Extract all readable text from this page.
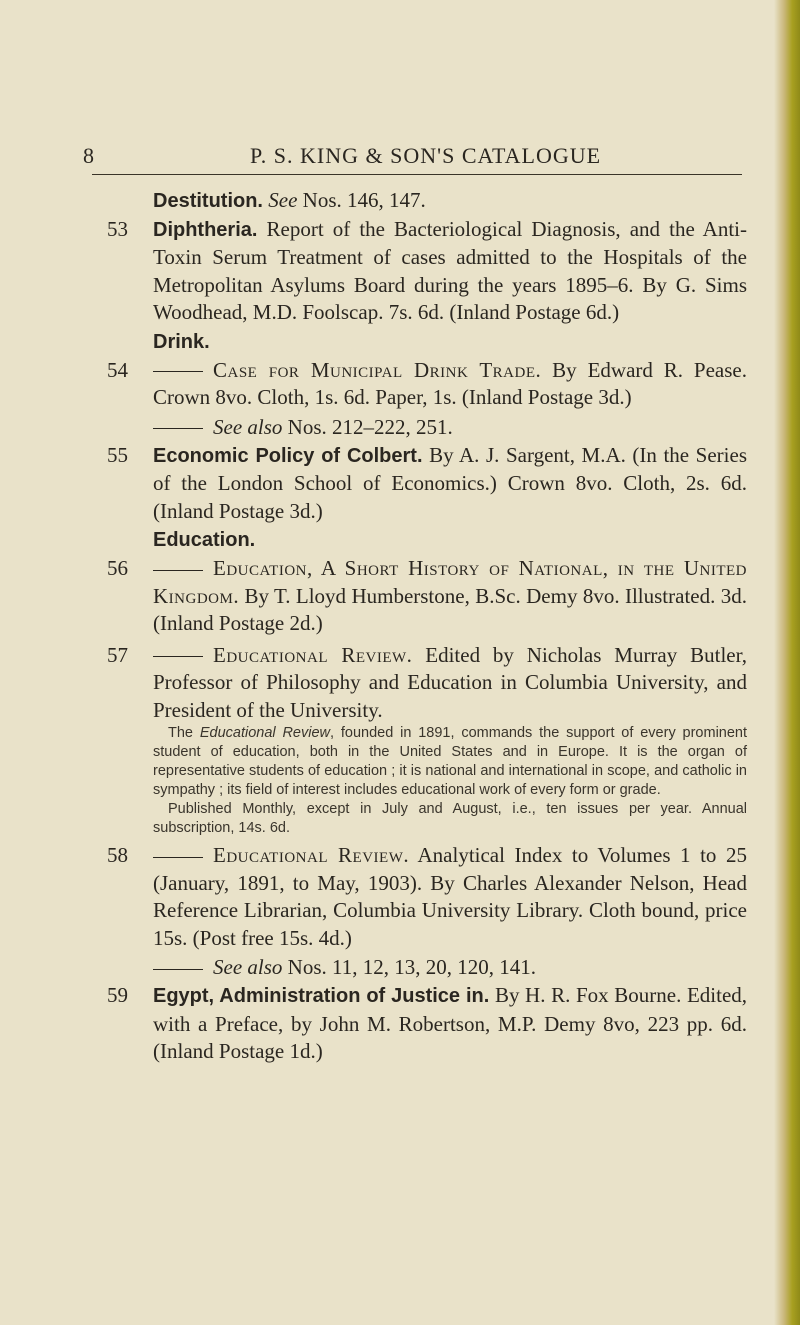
8	P. S. KING & SON'S CATALOGUE
Destitution. See Nos. 146, 147.
53 Diphtheria. Report of the Bacteriological Diagnosis, and the Anti-Toxin Serum Treatment of cases admitted to the Hospitals of the Metropolitan Asylums Board during the years 1895–6. By G. Sims Woodhead, M.D. Foolscap. 7s. 6d. (Inland Postage 6d.)
Drink.
54	Case for Municipal Drink Trade. By Edward R. Pease. Crown 8vo. Cloth, 1s. 6d. Paper, 1s. (Inland Postage 3d.)
See also Nos. 212–222, 251.
55 Economic Policy of Colbert. By A. J. Sargent, M.A. (In the Series of the London School of Economics.) Crown 8vo. Cloth, 2s. 6d. (Inland Postage 3d.)
Education.
56	Education, A Short History of National, in the United Kingdom. By T. Lloyd Humberstone, B.Sc. Demy 8vo. Illustrated. 3d. (Inland Postage 2d.)
57	Educational Review. Edited by Nicholas Murray Butler, Professor of Philosophy and Education in Columbia University, and President of the University.

The Educational Review, founded in 1891, commands the support of every prominent student of education, both in the United States and in Europe. It is the organ of representative students of education ; it is national and international in scope, and catholic in sympathy ; its field of interest includes educational work of every form or grade.

Published Monthly, except in July and August, i.e., ten issues per year. Annual subscription, 14s. 6d.

58	Educational Review. Analytical Index to Volumes 1 to 25 (January, 1891, to May, 1903). By Charles Alexander Nelson, Head Reference Librarian, Columbia University Library. Cloth bound, price 15s. (Post free 15s. 4d.)
See also Nos. 11, 12, 13, 20, 120, 141.
59 Egypt, Administration of Justice in. By H. R. Fox Bourne. Edited, with a Preface, by John M. Robertson, M.P. Demy 8vo, 223 pp. 6d. (Inland Postage 1d.)
